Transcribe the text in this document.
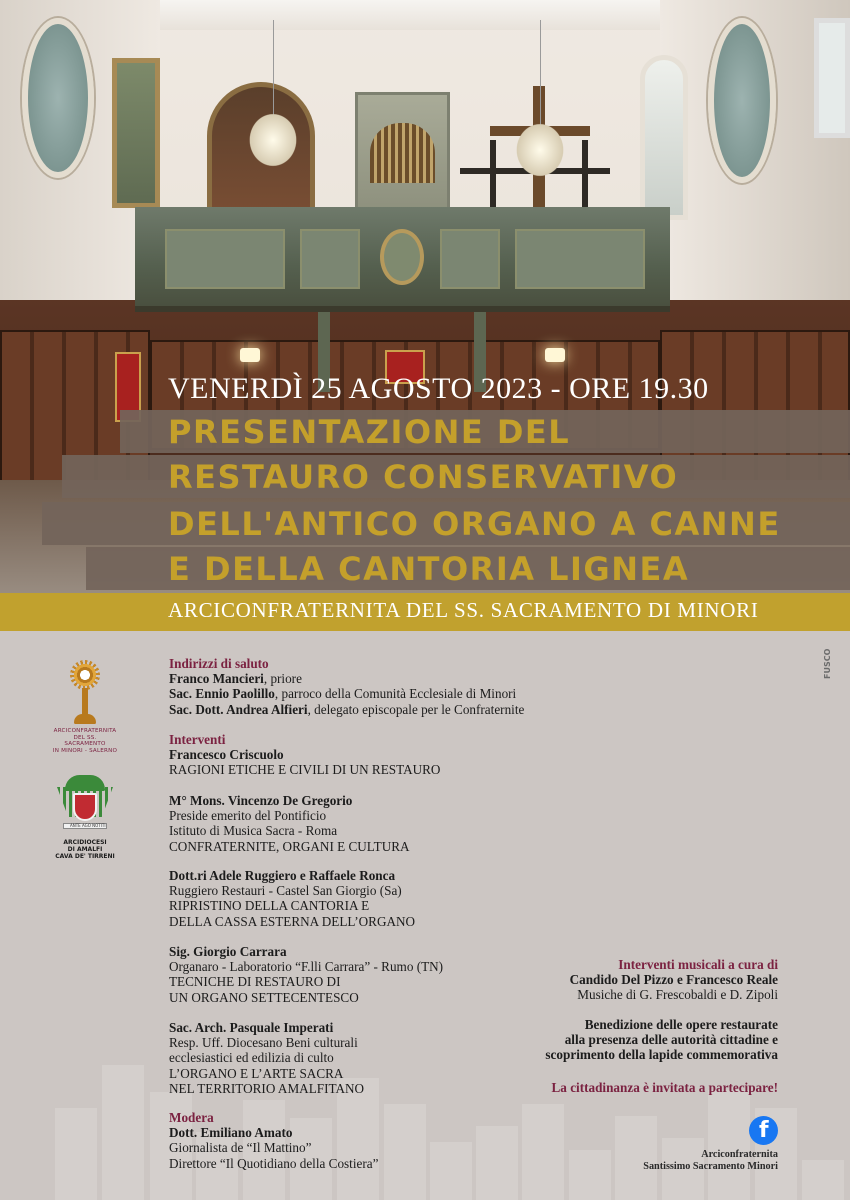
VENERDÌ 25 AGOSTO 2023 - ORE 19.30
PRESENTAZIONE DEL
RESTAURO CONSERVATIVO
DELL'ANTICO ORGANO A CANNE
E DELLA CANTORIA LIGNEA
ARCICONFRATERNITA DEL SS. SACRAMENTO DI MINORI
ARCICONFRATERNITA
DEL SS. SACRAMENTO
IN MINORI - SALERNO
ANTE AGO NOTITI
ARCIDIOCESI
DI AMALFI
CAVA DE' TIRRENI
FUSCO
Indirizzi di saluto
Franco Mancieri, priore
Sac. Ennio Paolillo, parroco della Comunità Ecclesiale di Minori
Sac. Dott. Andrea Alfieri, delegato episcopale per le Confraternite
Interventi
Francesco Criscuolo
RAGIONI ETICHE E CIVILI DI UN RESTAURO
M° Mons. Vincenzo De Gregorio
Preside emerito del Pontificio
Istituto di Musica Sacra - Roma
CONFRATERNITE, ORGANI E CULTURA
Dott.ri Adele Ruggiero e Raffaele Ronca
Ruggiero Restauri - Castel San Giorgio (Sa)
RIPRISTINO DELLA CANTORIA E
DELLA CASSA ESTERNA DELL’ORGANO
Sig. Giorgio Carrara
Organaro - Laboratorio “F.lli Carrara” - Rumo (TN)
TECNICHE DI RESTAURO DI
UN ORGANO SETTECENTESCO
Sac. Arch. Pasquale Imperati
Resp. Uff. Diocesano Beni culturali
ecclesiastici ed edilizia di culto
L’ORGANO E L’ARTE SACRA
NEL TERRITORIO AMALFITANO
Modera
Dott. Emiliano Amato
Giornalista de “Il Mattino”
Direttore “Il Quotidiano della Costiera”
Interventi musicali a cura di
Candido Del Pizzo e Francesco Reale
Musiche di G. Frescobaldi e D. Zipoli
Benedizione delle opere restaurate
alla presenza delle autorità cittadine e
scoprimento della lapide commemorativa
La cittadinanza è invitata a partecipare!
f
Arciconfraternita
Santissimo Sacramento Minori
